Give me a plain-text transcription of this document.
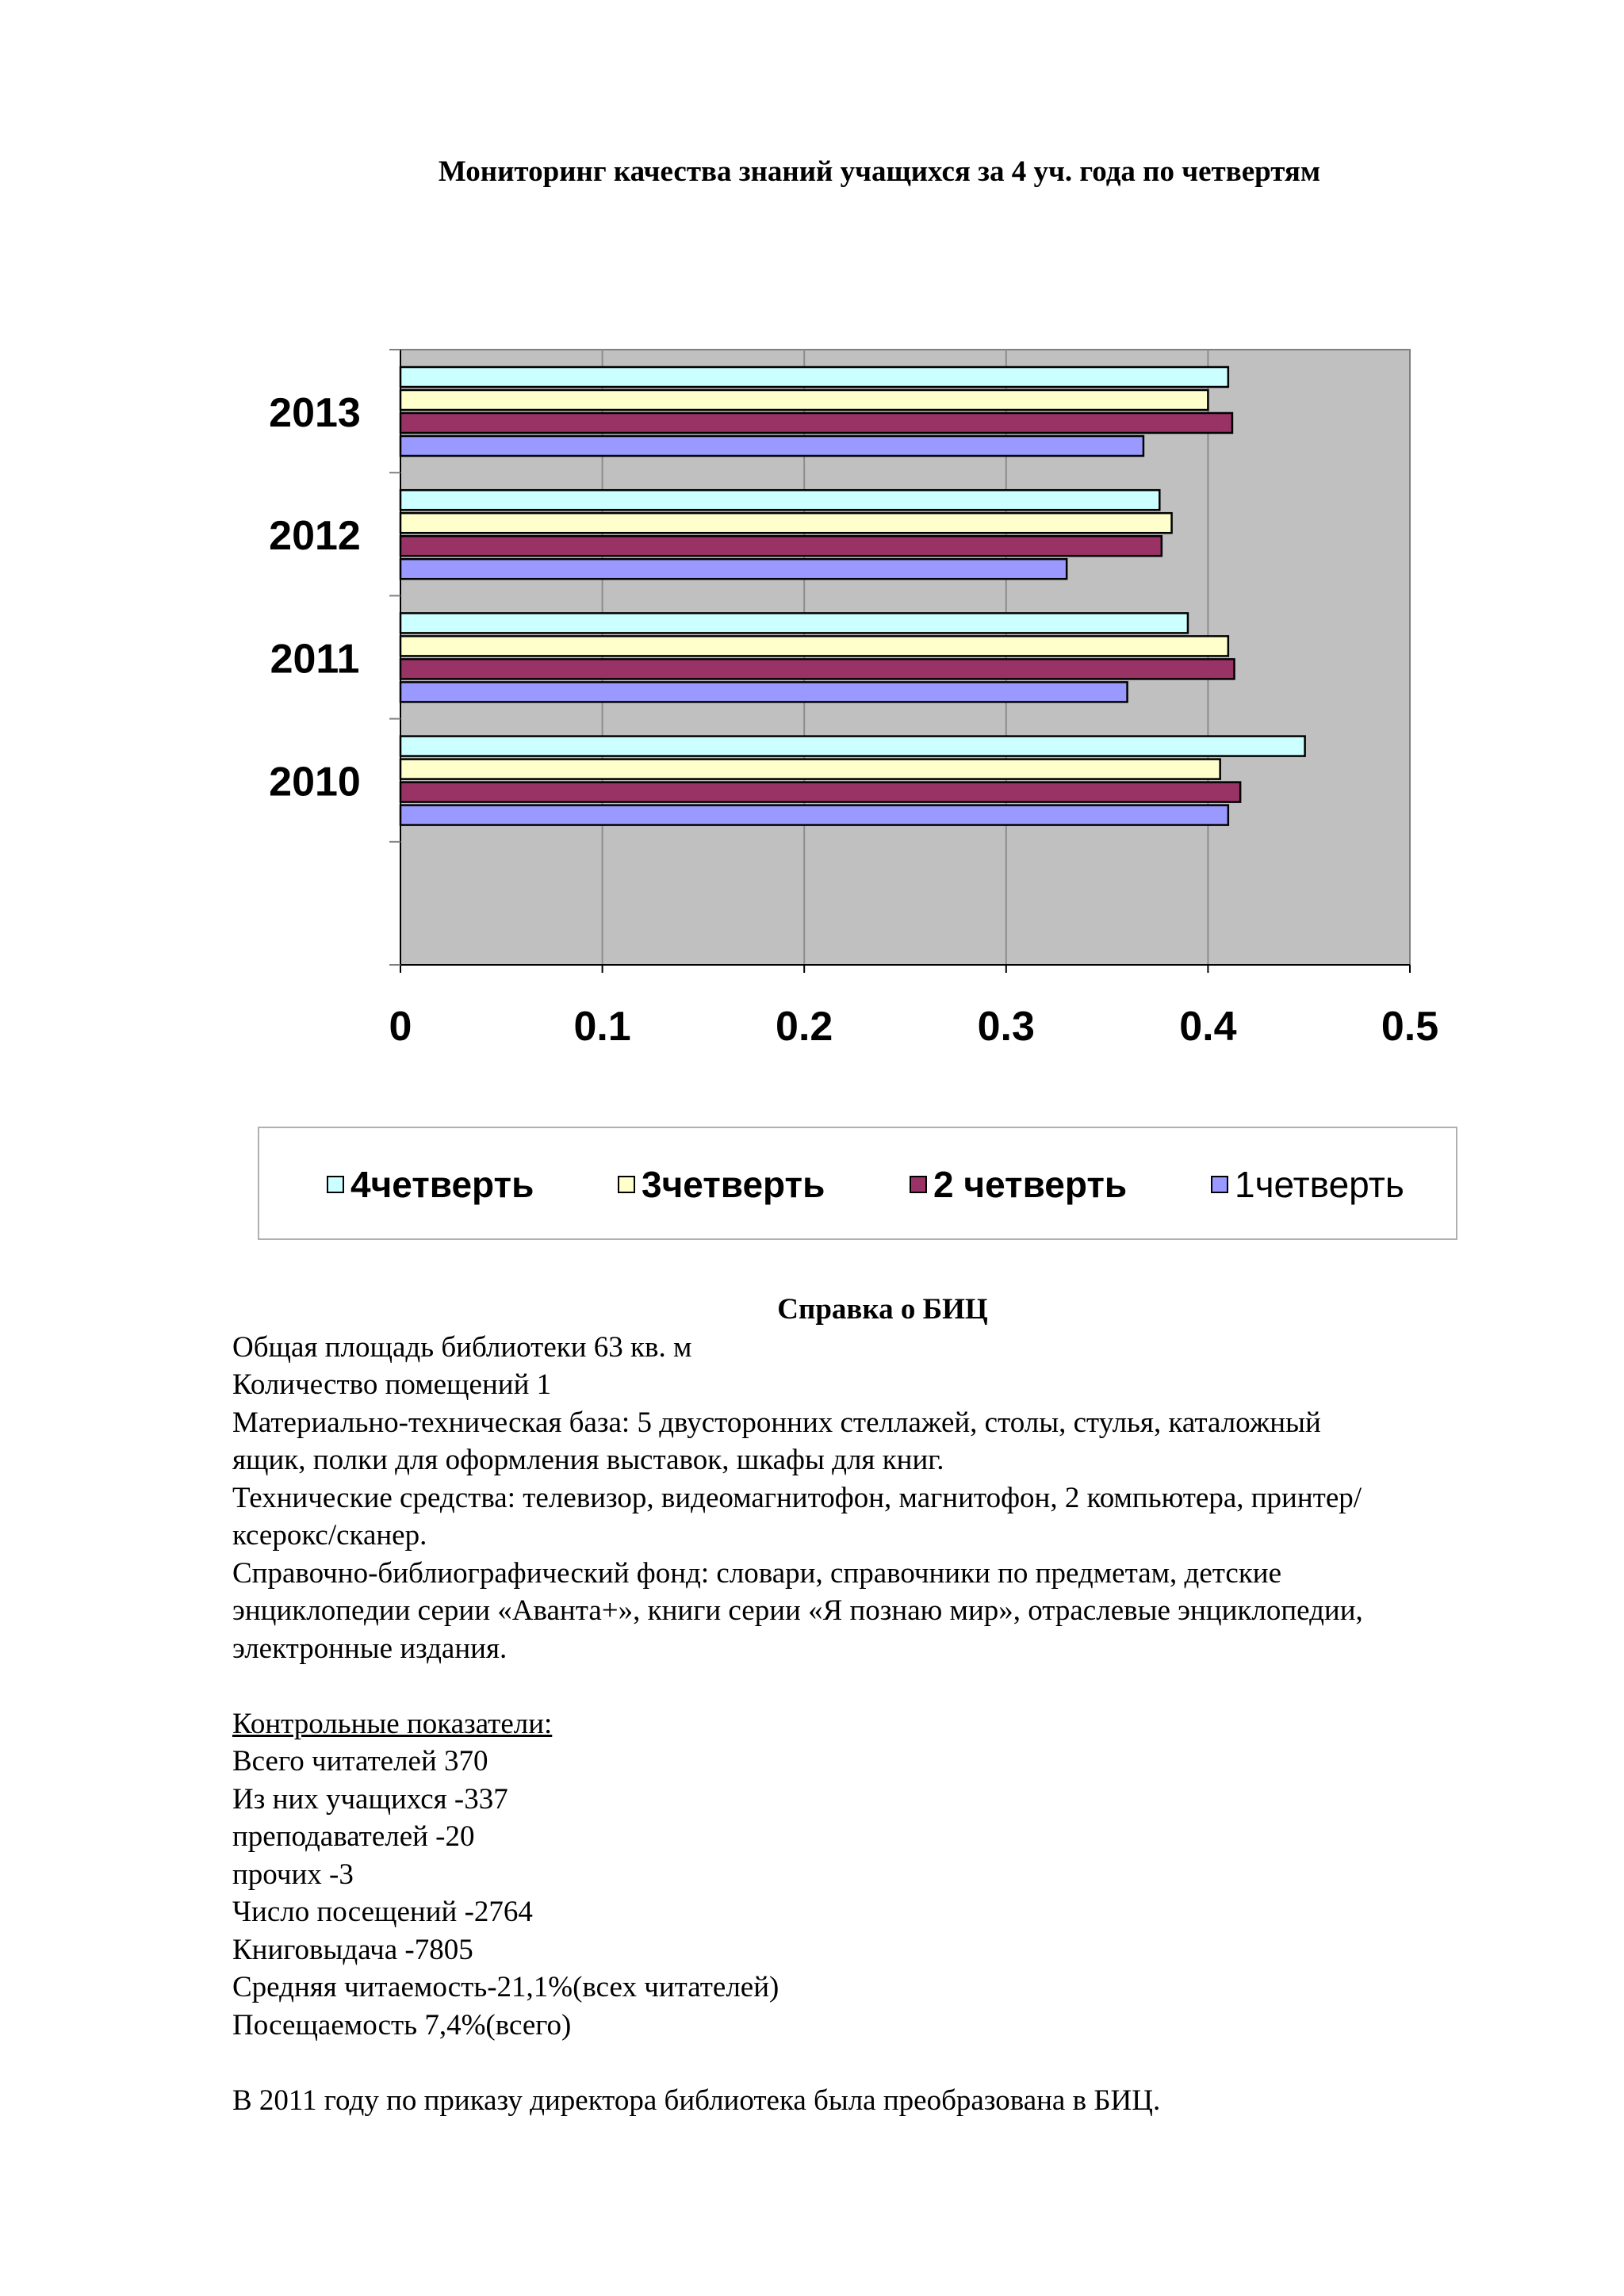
Мониторинг качества знаний учащихся за 4 уч. года по четвертям
0	0.1	0.2	0.3	0.4	0.5
2013
2012
2011
2010
4четверть	3четверть	2 четверть	1четверть
Справка о БИЦ
Общая площадь библиотеки 63 кв. м
Количество помещений 1
Материально-техническая база: 5 двусторонних стеллажей, столы, стулья, каталожный
ящик, полки для оформления выставок, шкафы для книг.
Технические средства: телевизор, видеомагнитофон, магнитофон, 2 компьютера, принтер/
ксерокс/сканер.
Справочно-библиографический фонд: словари, справочники по предметам, детские
энциклопедии серии «Аванта+», книги серии «Я познаю мир», отраслевые энциклопедии,
электронные издания.
Контрольные показатели:
Всего читателей 370
Из них учащихся -337
преподавателей -20
прочих -3
Число посещений -2764
Книговыдача -7805
Средняя читаемость-21,1%(всех читателей)
Посещаемость 7,4%(всего)
В 2011 году по приказу директора библиотека была преобразована в БИЦ.
